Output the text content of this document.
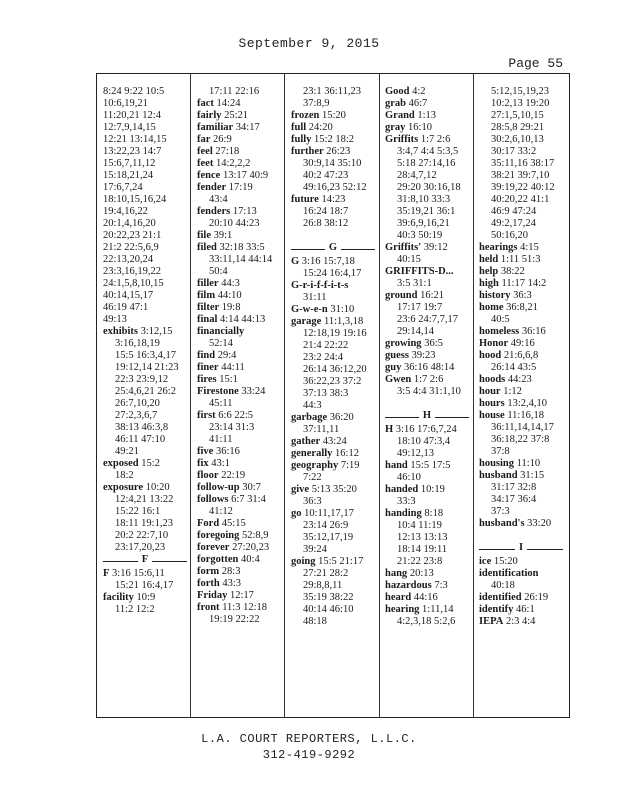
September 9, 2015
Page 55
8:24 9:22 10:5
10:6,19,21
11:20,21 12:4
12:7,9,14,15
12:21 13:14,15
13:22,23 14:7
15:6,7,11,12
15:18,21,24
17:6,7,24
18:10,15,16,24
19:4,16,22
20:1,4,16,20
20:22,23 21:1
21:2 22:5,6,9
22:13,20,24
23:3,16,19,22
24:1,5,8,10,15
40:14,15,17
46:19 47:1
49:13
exhibits 3:12,15
3:16,18,19
15:5 16:3,4,17
19:12,14 21:23
22:3 23:9,12
25:4,6,21 26:2
26:7,10,20
27:2,3,6,7
38:13 46:3,8
46:11 47:10
49:21
exposed 15:2
18:2
exposure 10:20
12:4,21 13:22
15:22 16:1
18:11 19:1,23
20:2 22:7,10
23:17,20,23
F
F 3:16 15:6,11
15:21 16:4,17
facility 10:9
11:2 12:2
17:11 22:16
fact 14:24
fairly 25:21
familiar 34:17
far 26:9
feel 27:18
feet 14:2,2,2
fence 13:17 40:9
fender 17:19
43:4
fenders 17:13
20:10 44:23
file 39:1
filed 32:18 33:5
33:11,14 44:14
50:4
filler 44:3
film 44:10
filter 19:8
final 4:14 44:13
financially
52:14
find 29:4
finer 44:11
fires 15:1
Firestone 33:24
45:11
first 6:6 22:5
23:14 31:3
41:11
five 36:16
fix 43:1
floor 22:19
follow-up 30:7
follows 6:7 31:4
41:12
Ford 45:15
foregoing 52:8,9
forever 27:20,23
forgotten 40:4
form 28:3
forth 43:3
Friday 12:17
front 11:3 12:18
19:19 22:22
23:1 36:11,23
37:8,9
frozen 15:20
full 24:20
fully 15:2 18:2
further 26:23
30:9,14 35:10
40:2 47:23
49:16,23 52:12
future 14:23
16:24 18:7
26:8 38:12
G
G 3:16 15:7,18
15:24 16:4,17
G-r-i-f-f-i-t-s
31:11
G-w-e-n 31:10
garage 11:1,3,18
12:18,19 19:16
21:4 22:22
23:2 24:4
26:14 36:12,20
36:22,23 37:2
37:13 38:3
44:3
garbage 36:20
37:11,11
gather 43:24
generally 16:12
geography 7:19
7:22
give 5:13 35:20
36:3
go 10:11,17,17
23:14 26:9
35:12,17,19
39:24
going 15:5 21:17
27:21 28:2
29:8,8,11
35:19 38:22
40:14 46:10
48:18
Good 4:2
grab 46:7
Grand 1:13
gray 16:10
Griffits 1:7 2:6
3:4,7 4:4 5:3,5
5:18 27:14,16
28:4,7,12
29:20 30:16,18
31:8,10 33:3
35:19,21 36:1
39:6,9,16,21
40:3 50:19
Griffits' 39:12
40:15
GRIFFITS-D...
3:5 31:1
ground 16:21
17:17 19:7
23:6 24:7,7,17
29:14,14
growing 36:5
guess 39:23
guy 36:16 48:14
Gwen 1:7 2:6
3:5 4:4 31:1,10
H
H 3:16 17:6,7,24
18:10 47:3,4
49:12,13
hand 15:5 17:5
46:10
handed 10:19
33:3
handing 8:18
10:4 11:19
12:13 13:13
18:14 19:11
21:22 23:8
hang 20:13
hazardous 7:3
heard 44:16
hearing 1:11,14
4:2,3,18 5:2,6
5:12,15,19,23
10:2,13 19:20
27:1,5,10,15
28:5,8 29:21
30:2,6,10,13
30:17 33:2
35:11,16 38:17
38:21 39:7,10
39:19,22 40:12
40:20,22 41:1
46:9 47:24
49:2,17,24
50:16,20
hearings 4:15
held 1:11 51:3
help 38:22
high 11:17 14:2
history 36:3
home 36:8,21
40:5
homeless 36:16
Honor 49:16
hood 21:6,6,8
26:14 43:5
hoods 44:23
hour 1:12
hours 13:2,4,10
house 11:16,18
36:11,14,14,17
36:18,22 37:8
37:8
housing 11:10
husband 31:15
31:17 32:8
34:17 36:4
37:3
husband's 33:20
I
ice 15:20
identification
40:18
identified 26:19
identify 46:1
IEPA 2:3 4:4
L.A. COURT REPORTERS, L.L.C.
312-419-9292
